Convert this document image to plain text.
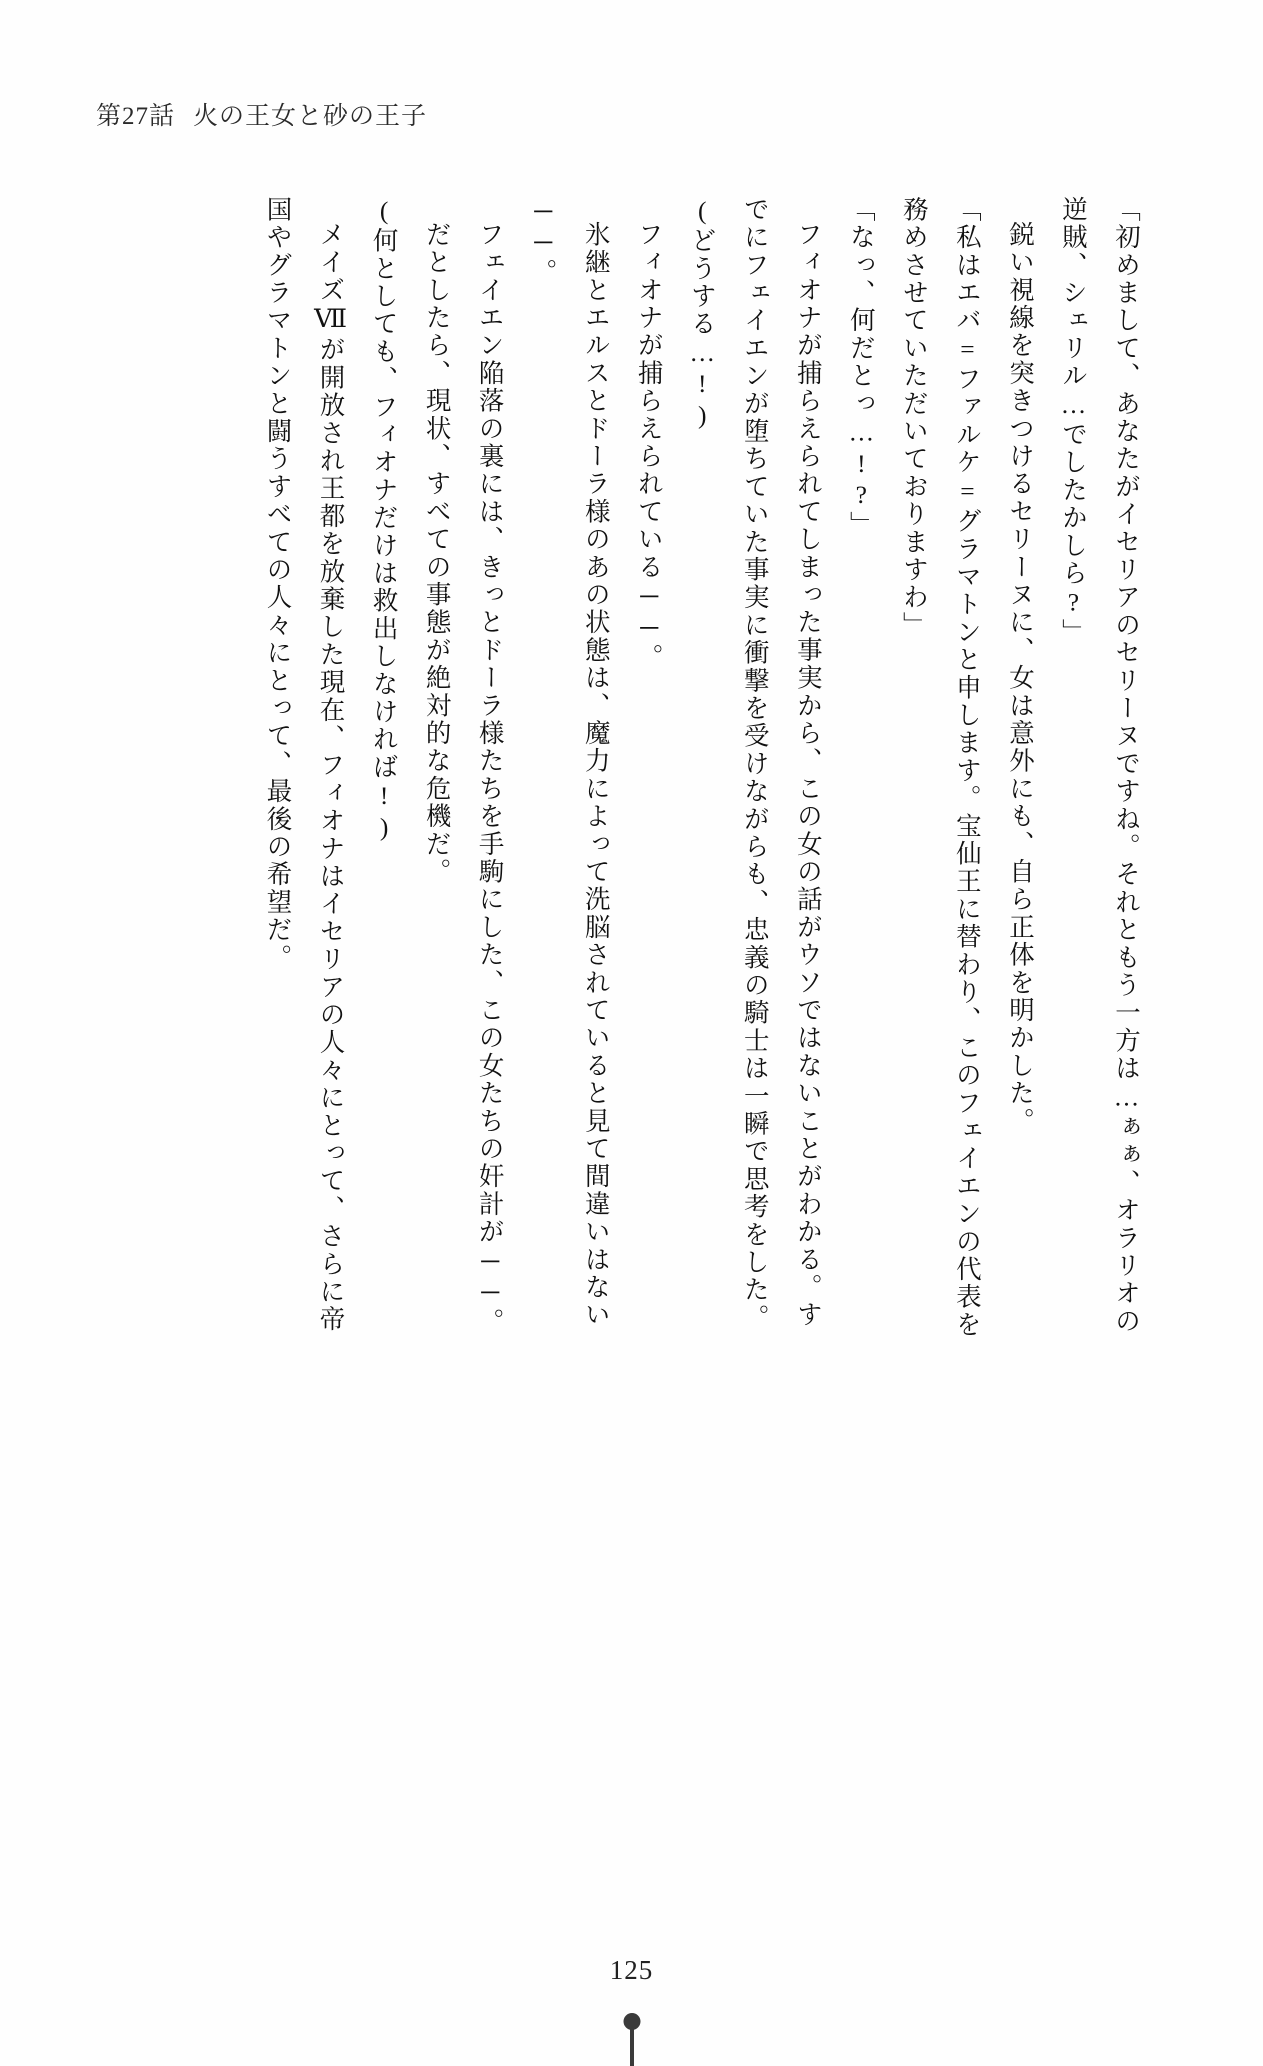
第27話 火の王女と砂の王子

「初めまして、あなたがイセリアのセリーヌですね。それともう一方は…ぁぁ、オラリオの逆賊、シェリル…でしたかしら?」

鋭い視線を突きつけるセリーヌに、女は意外にも、自ら正体を明かした。

「私はエバ=ファルケ=グラマトンと申します。宝仙王に替わり、このフェイエンの代表を務めさせていただいておりますわ」

「なっ、何だとっ…!?」

フィオナが捕らえられてしまった事実から、この女の話がウソではないことがわかる。すでにフェイエンが堕ちていた事実に衝撃を受けながらも、忠義の騎士は一瞬で思考をした。

(どうする…!)

フィオナが捕らえられている──。

氷継とエルスとドーラ様のあの状態は、魔力によって洗脳されていると見て間違いはない──。

フェイエン陥落の裏には、きっとドーラ様たちを手駒にした、この女たちの奸計が──。

だとしたら、現状、すべての事態が絶対的な危機だ。

(何としても、フィオナだけは救出しなければ!)

メイズⅦが開放され王都を放棄した現在、フィオナはイセリアの人々にとって、さらに帝国やグラマトンと闘うすべての人々にとって、最後の希望だ。

125
